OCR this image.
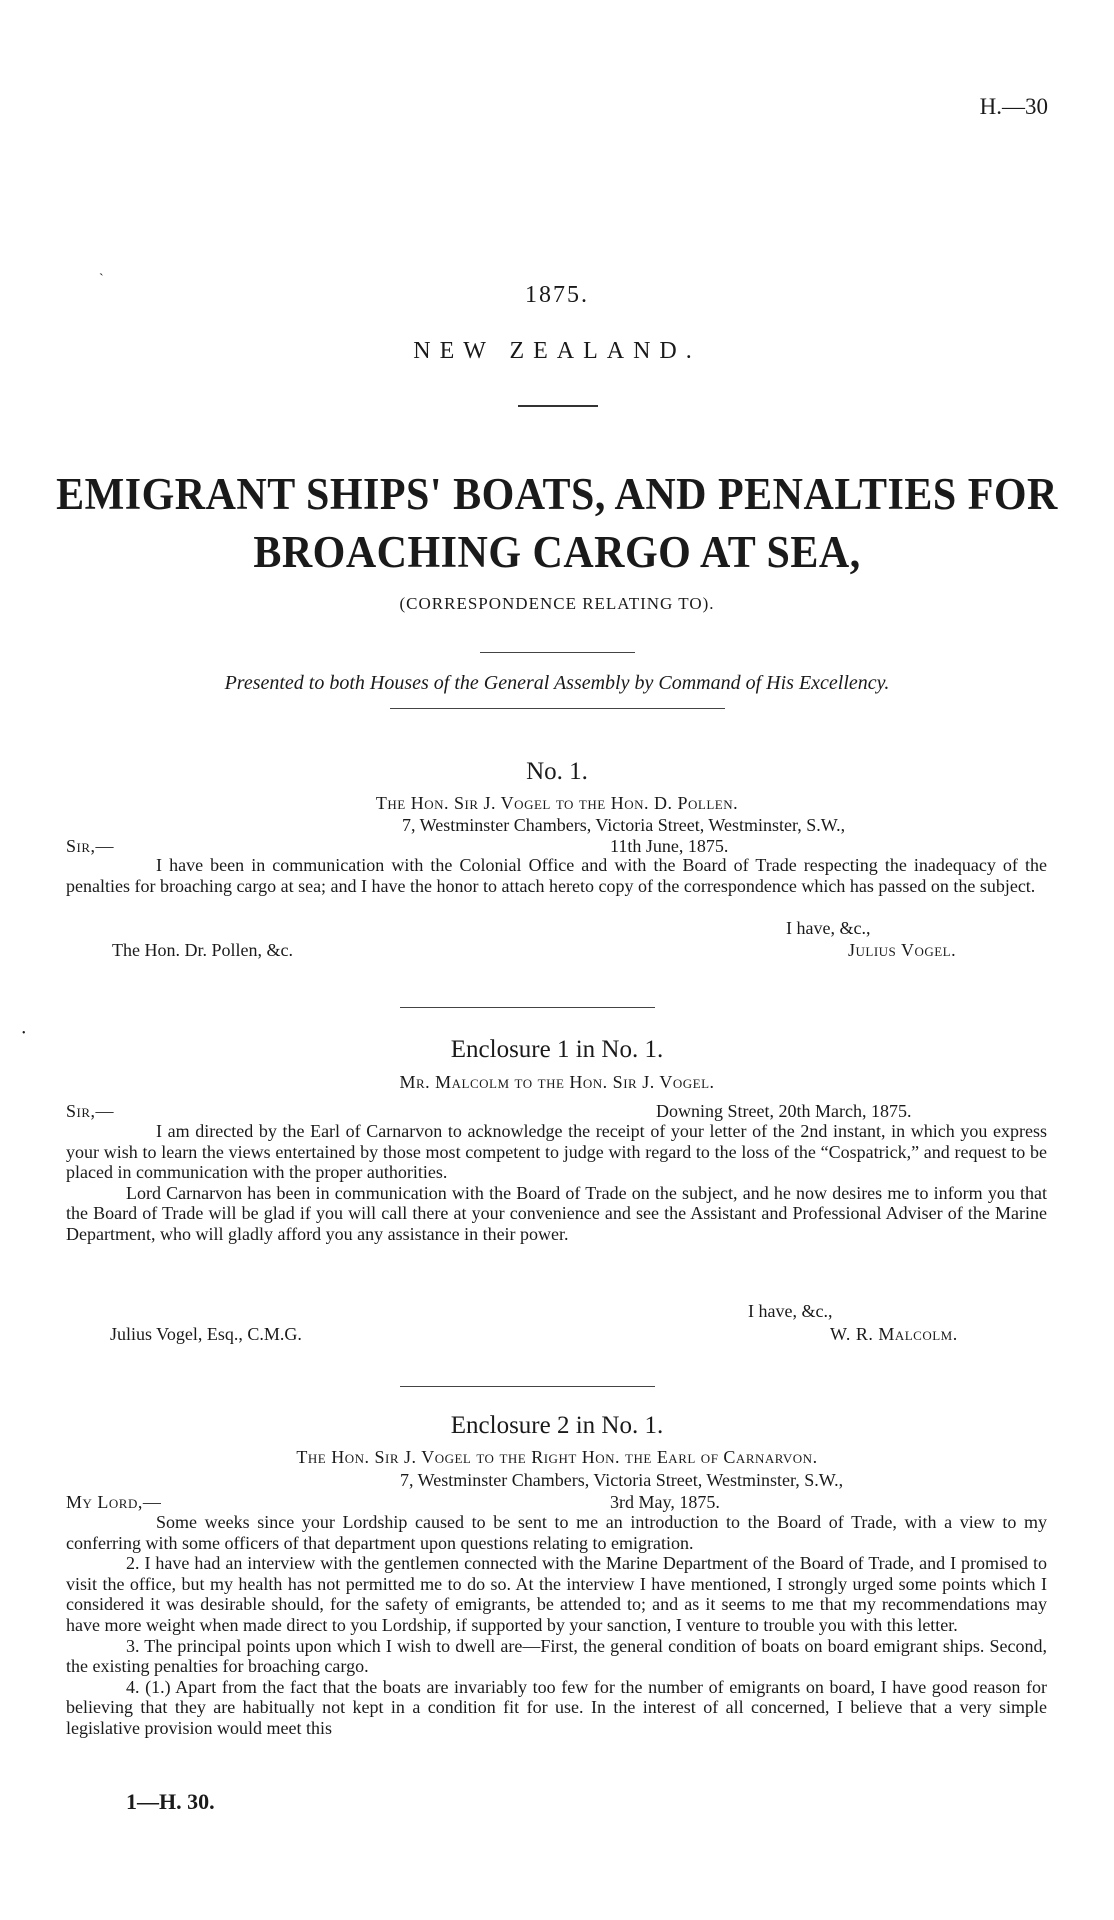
H.—30
`
•
1875.
NEW ZEALAND.
EMIGRANT SHIPS' BOATS, AND PENALTIES FOR
BROACHING CARGO AT SEA,
(CORRESPONDENCE RELATING TO).
Presented to both Houses of the General Assembly by Command of His Excellency.
No. 1.
The Hon. Sir J. Vogel to the Hon. D. Pollen.
7, Westminster Chambers, Victoria Street, Westminster, S.W.,
Sir,—	11th June, 1875.

I have been in communication with the Colonial Office and with the Board of Trade respecting the inadequacy of the penalties for broaching cargo at sea; and I have the honor to attach hereto copy of the correspondence which has passed on the subject.

I have, &c.,
The Hon. Dr. Pollen, &c.	Julius Vogel.
Enclosure 1 in No. 1.
Mr. Malcolm to the Hon. Sir J. Vogel.
Sir,—	Downing Street, 20th March, 1875.

I am directed by the Earl of Carnarvon to acknowledge the receipt of your letter of the 2nd instant, in which you express your wish to learn the views entertained by those most competent to judge with regard to the loss of the “Cospatrick,” and request to be placed in communication with the proper authorities.

Lord Carnarvon has been in communication with the Board of Trade on the subject, and he now desires me to inform you that the Board of Trade will be glad if you will call there at your convenience and see the Assistant and Professional Adviser of the Marine Department, who will gladly afford you any assistance in their power.

I have, &c.,
Julius Vogel, Esq., C.M.G.	W. R. Malcolm.
Enclosure 2 in No. 1.
The Hon. Sir J. Vogel to the Right Hon. the Earl of Carnarvon.
7, Westminster Chambers, Victoria Street, Westminster, S.W.,
My Lord,—	3rd May, 1875.

Some weeks since your Lordship caused to be sent to me an introduction to the Board of Trade, with a view to my conferring with some officers of that department upon questions relating to emigration.

2. I have had an interview with the gentlemen connected with the Marine Department of the Board of Trade, and I promised to visit the office, but my health has not permitted me to do so. At the interview I have mentioned, I strongly urged some points which I considered it was desirable should, for the safety of emigrants, be attended to; and as it seems to me that my recommendations may have more weight when made direct to you Lordship, if supported by your sanction, I venture to trouble you with this letter.

3. The principal points upon which I wish to dwell are—First, the general condition of boats on board emigrant ships. Second, the existing penalties for broaching cargo.

4. (1.) Apart from the fact that the boats are invariably too few for the number of emigrants on board, I have good reason for believing that they are habitually not kept in a condition fit for use. In the interest of all concerned, I believe that a very simple legislative provision would meet this

1—H. 30.
